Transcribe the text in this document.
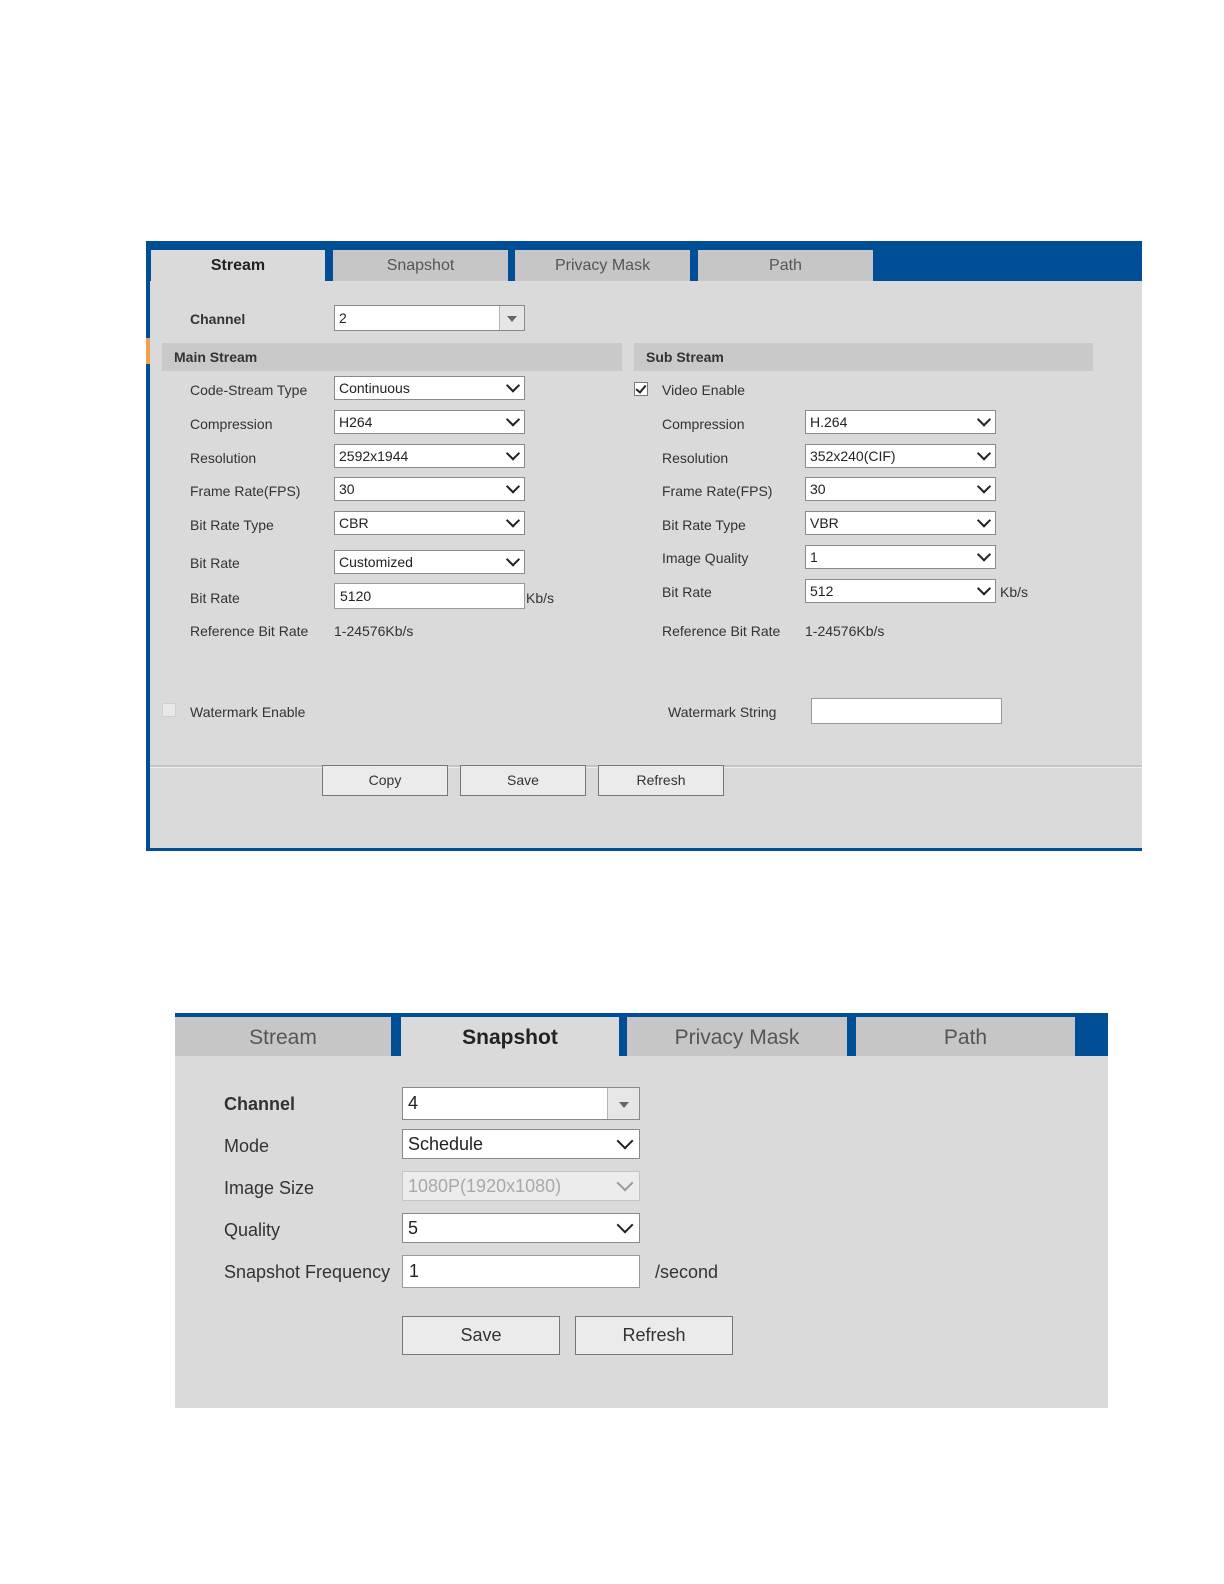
Stream	Snapshot	Privacy Mask	Path
Channel	2
Main Stream	Sub Stream
Code-Stream Type	Continuous
Compression	H264
Resolution	2592x1944
Frame Rate(FPS)	30
Bit Rate Type	CBR
Bit Rate	Customized
Bit Rate	5120	Kb/s
Reference Bit Rate 1-24576Kb/s
Video Enable
Compression	H.264
Resolution	352x240(CIF)
Frame Rate(FPS)	30
Bit Rate Type	VBR
Image Quality	1
Bit Rate	512	Kb/s
Reference Bit Rate 1-24576Kb/s
Watermark Enable	Watermark String
Copy	Save	Refresh
Stream	Snapshot	Privacy Mask	Path
Channel	4
Mode	Schedule
Image Size	1080P(1920x1080)
Quality	5
Snapshot Frequency	1	/second
Save	Refresh
